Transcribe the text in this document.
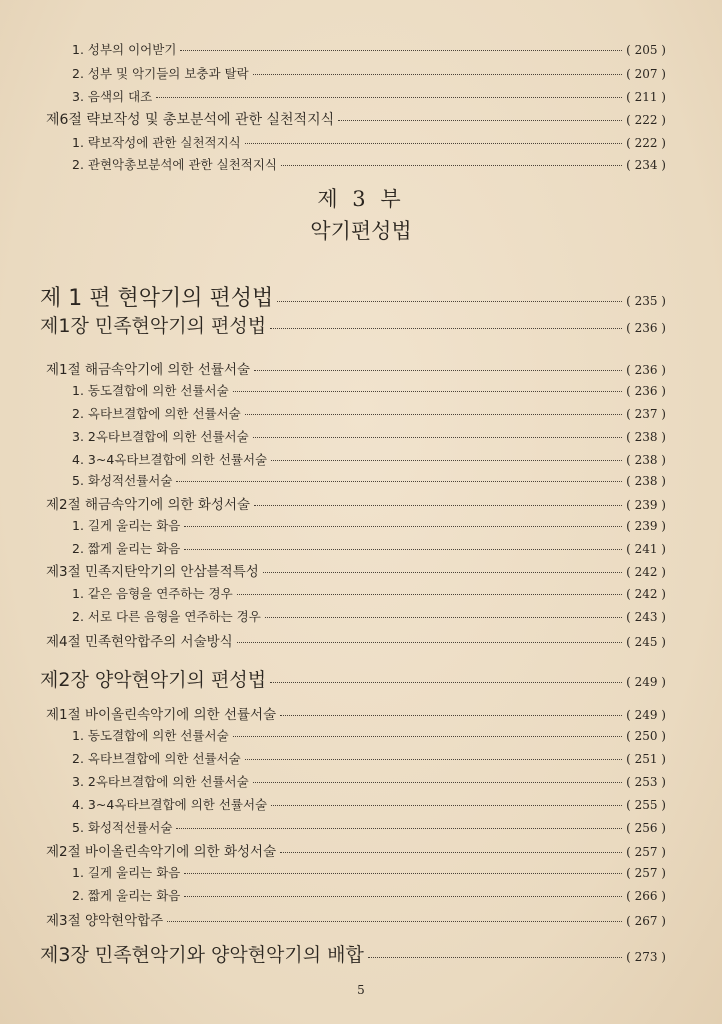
1. 성부의 이어받기	( 205 )
2. 성부 및 악기들의 보충과 탈락	( 207 )
3. 음색의 대조	( 211 )
제6절 략보작성 및 총보분석에 관한 실천적지식	( 222 )
1. 략보작성에 관한 실천적지식	( 222 )
2. 관현악총보분석에 관한 실천적지식	( 234 )
제 3 부
악기편성법
제 1 편 현악기의 편성법	( 235 )
제1장 민족현악기의 편성법	( 236 )
제1절 해금속악기에 의한 선률서술	( 236 )
1. 동도결합에 의한 선률서술	( 236 )
2. 옥타브결합에 의한 선률서술	( 237 )
3. 2옥타브결합에 의한 선률서술	( 238 )
4. 3~4옥타브결합에 의한 선률서술	( 238 )
5. 화성적선률서술	( 238 )
제2절 해금속악기에 의한 화성서술	( 239 )
1. 길게 울리는 화음	( 239 )
2. 짧게 울리는 화음	( 241 )
제3절 민족지탄악기의 안삼블적특성	( 242 )
1. 같은 음형을 연주하는 경우	( 242 )
2. 서로 다른 음형을 연주하는 경우	( 243 )
제4절 민족현악합주의 서술방식	( 245 )
제2장 양악현악기의 편성법	( 249 )
제1절 바이올린속악기에 의한 선률서술	( 249 )
1. 동도결합에 의한 선률서술	( 250 )
2. 옥타브결합에 의한 선률서술	( 251 )
3. 2옥타브결합에 의한 선률서술	( 253 )
4. 3~4옥타브결합에 의한 선률서술	( 255 )
5. 화성적선률서술	( 256 )
제2절 바이올린속악기에 의한 화성서술	( 257 )
1. 길게 울리는 화음	( 257 )
2. 짧게 울리는 화음	( 266 )
제3절 양악현악합주	( 267 )
제3장 민족현악기와 양악현악기의 배합	( 273 )
5
